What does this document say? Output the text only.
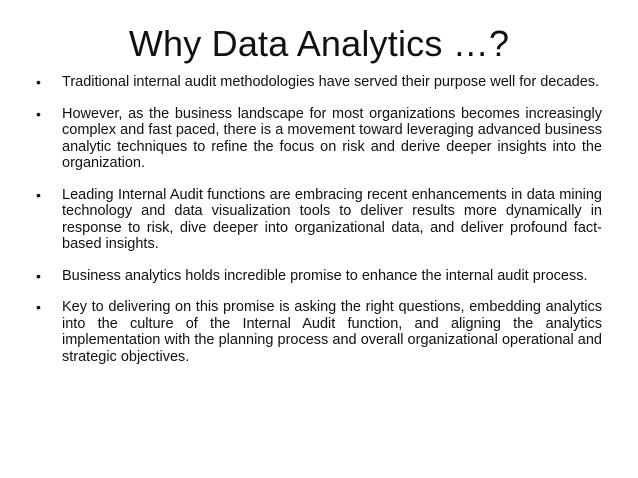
Why Data Analytics …?
• Traditional internal audit methodologies have served their purpose well for decades.
• However, as the business landscape for most organizations becomes increasingly complex and fast paced, there is a movement toward leveraging advanced business analytic techniques to refine the focus on risk and derive deeper insights into the organization.
• Leading Internal Audit functions are embracing recent enhancements in data mining technology and data visualization tools to deliver results more dynamically in response to risk, dive deeper into organizational data, and deliver profound fact-based insights.
• Business analytics holds incredible promise to enhance the internal audit process.
• Key to delivering on this promise is asking the right questions, embedding analytics into the culture of the Internal Audit function, and aligning the analytics implementation with the planning process and overall organizational operational and strategic objectives.
